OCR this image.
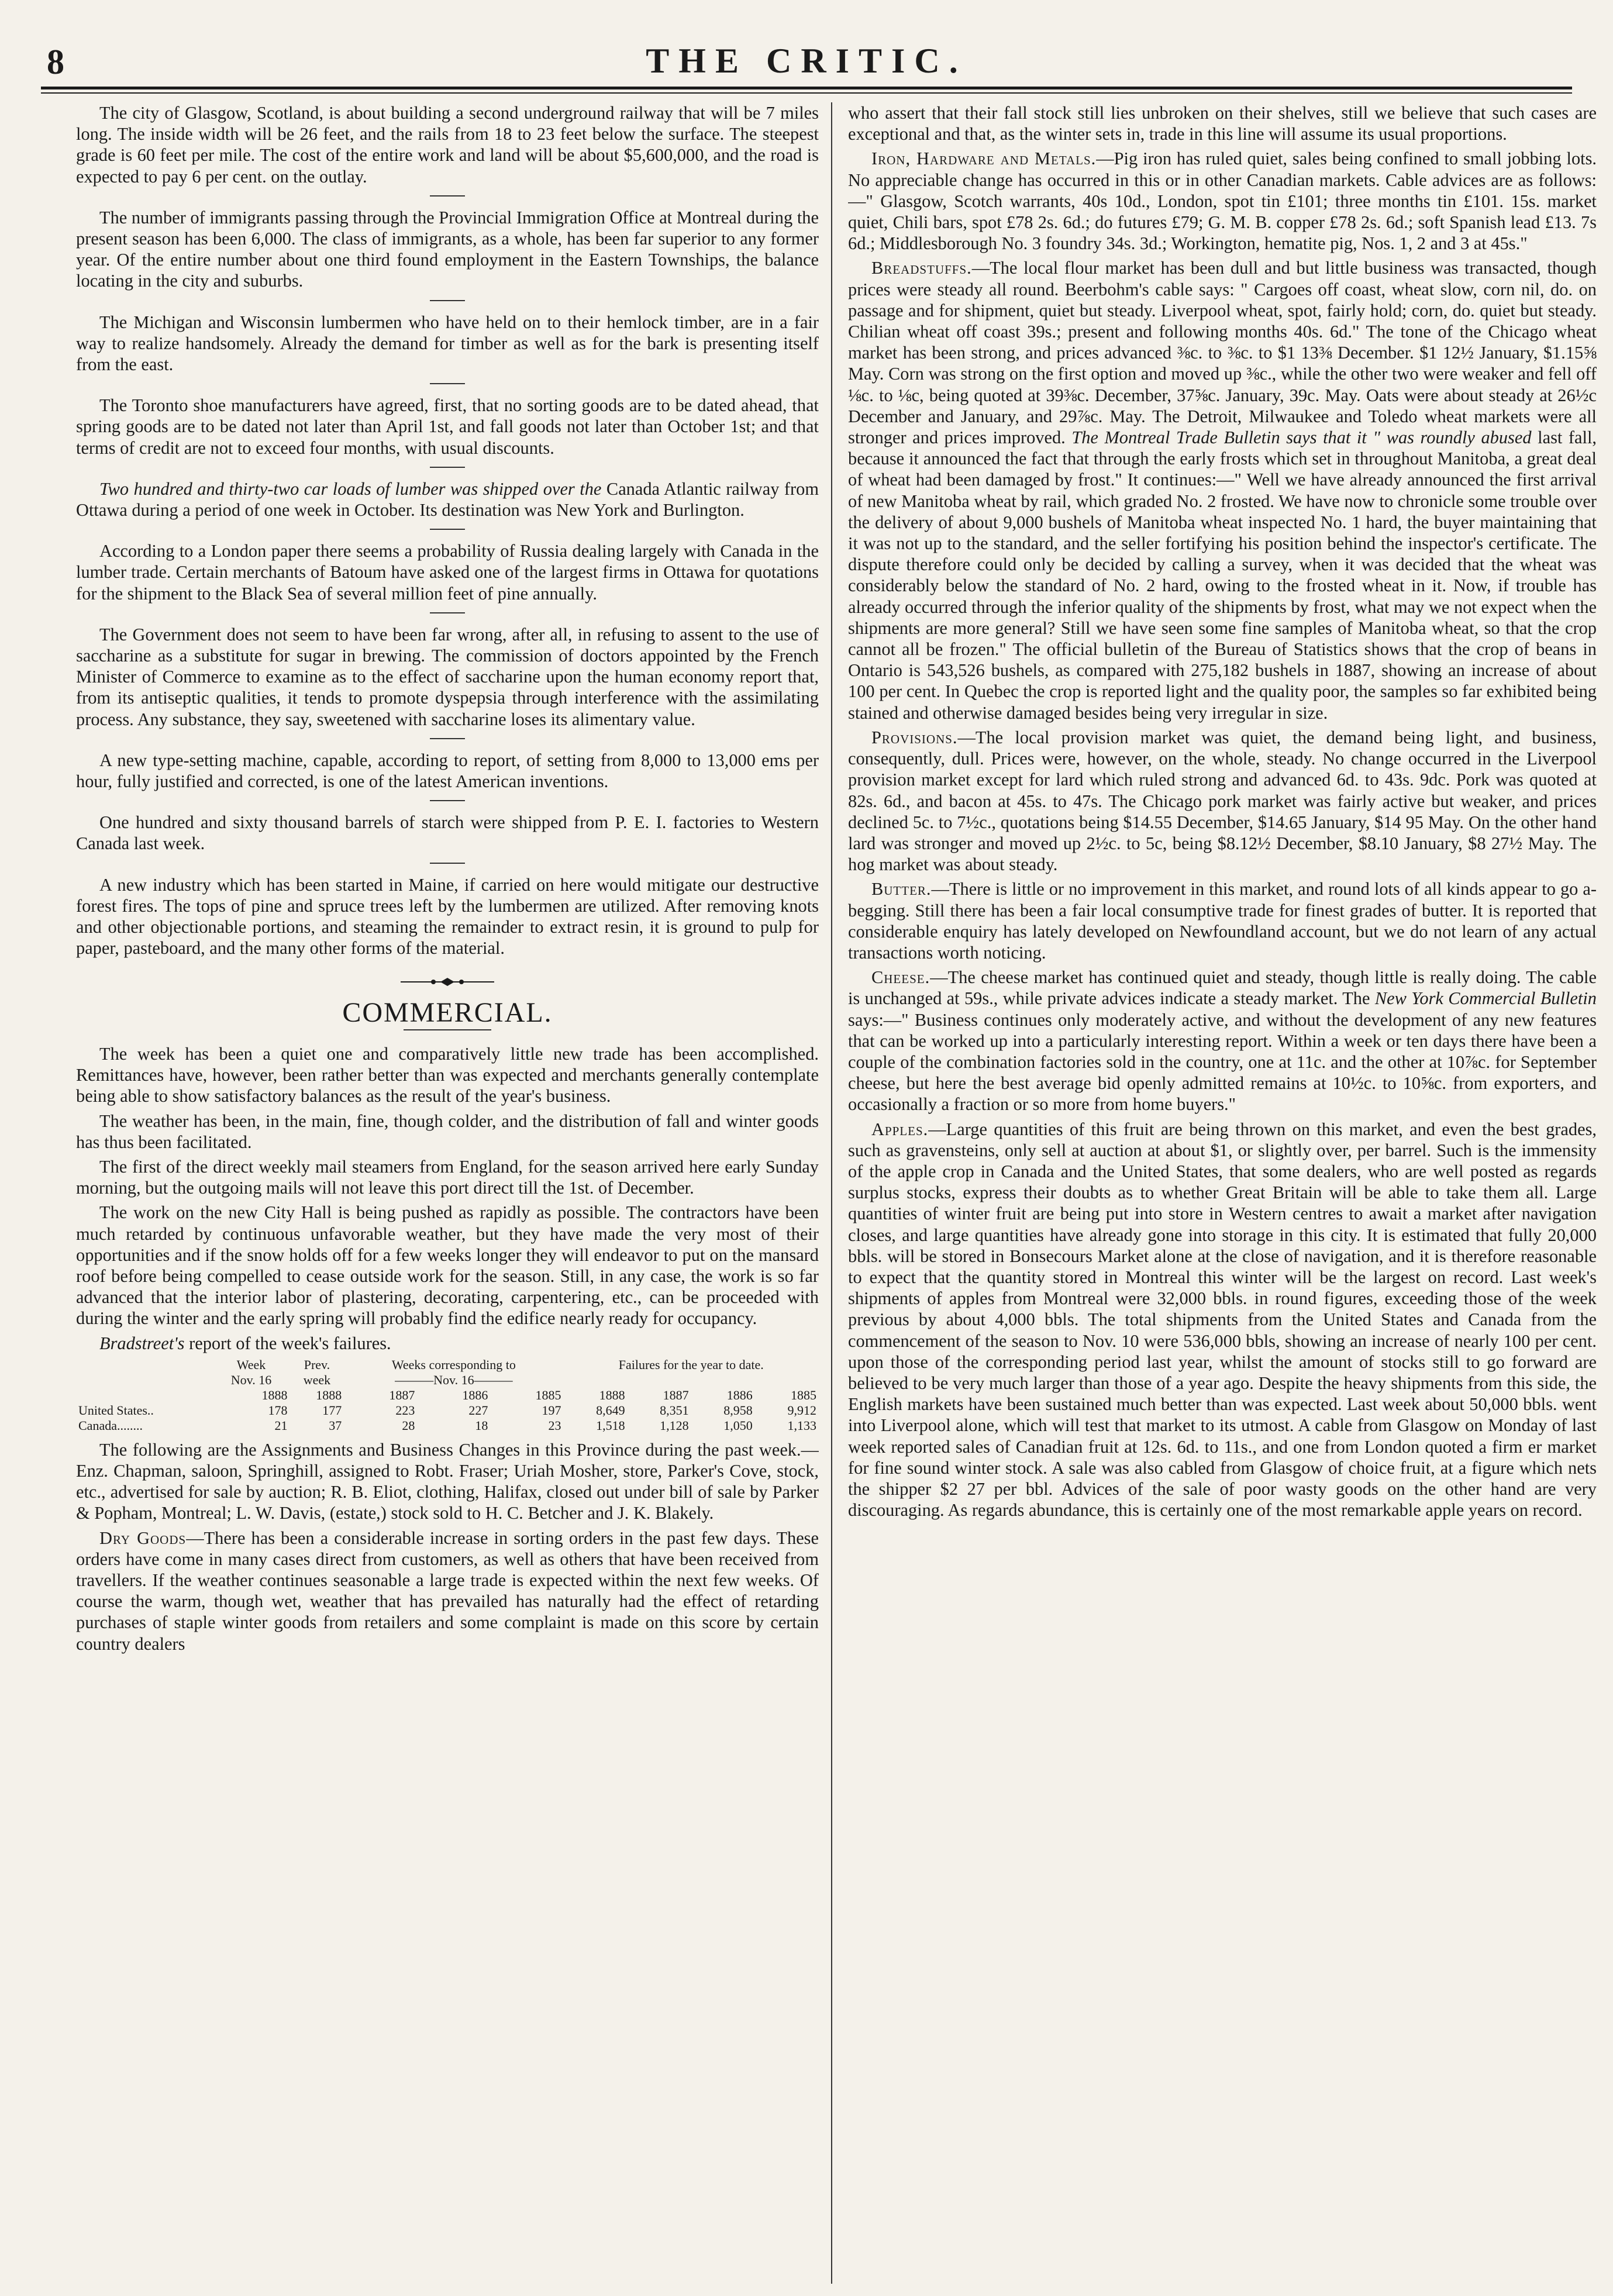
8	THE CRITIC.

The city of Glasgow, Scotland, is about building a second underground railway that will be 7 miles long. The inside width will be 26 feet, and the rails from 18 to 23 feet below the surface. The steepest grade is 60 feet per mile. The cost of the entire work and land will be about $5,600,000, and the road is expected to pay 6 per cent. on the outlay.

The number of immigrants passing through the Provincial Immigration Office at Montreal during the present season has been 6,000. The class of immigrants, as a whole, has been far superior to any former year. Of the entire number about one third found employment in the Eastern Townships, the balance locating in the city and suburbs.

The Michigan and Wisconsin lumbermen who have held on to their hemlock timber, are in a fair way to realize handsomely. Already the demand for timber as well as for the bark is presenting itself from the east.

The Toronto shoe manufacturers have agreed, first, that no sorting goods are to be dated ahead, that spring goods are to be dated not later than April 1st, and fall goods not later than October 1st; and that terms of credit are not to exceed four months, with usual discounts.

Two hundred and thirty-two car loads of lumber was shipped over the Canada Atlantic railway from Ottawa during a period of one week in October. Its destination was New York and Burlington.

According to a London paper there seems a probability of Russia dealing largely with Canada in the lumber trade. Certain merchants of Batoum have asked one of the largest firms in Ottawa for quotations for the shipment to the Black Sea of several million feet of pine annually.

The Government does not seem to have been far wrong, after all, in refusing to assent to the use of saccharine as a substitute for sugar in brewing. The commission of doctors appointed by the French Minister of Commerce to examine as to the effect of saccharine upon the human economy report that, from its antiseptic qualities, it tends to promote dyspepsia through interference with the assimilating process. Any substance, they say, sweetened with saccharine loses its alimentary value.

A new type-setting machine, capable, according to report, of setting from 8,000 to 13,000 ems per hour, fully justified and corrected, is one of the latest American inventions.

One hundred and sixty thousand barrels of starch were shipped from P. E. I. factories to Western Canada last week.

A new industry which has been started in Maine, if carried on here would mitigate our destructive forest fires. The tops of pine and spruce trees left by the lumbermen are utilized. After removing knots and other objectionable portions, and steaming the remainder to extract resin, it is ground to pulp for paper, pasteboard, and the many other forms of the material.

COMMERCIAL.

The week has been a quiet one and comparatively little new trade has been accomplished. Remittances have, however, been rather better than was expected and merchants generally contemplate being able to show satisfactory balances as the result of the year's business.

The weather has been, in the main, fine, though colder, and the distribution of fall and winter goods has thus been facilitated.

The first of the direct weekly mail steamers from England, for the season arrived here early Sunday morning, but the outgoing mails will not leave this port direct till the 1st. of December.

The work on the new City Hall is being pushed as rapidly as possible. The contractors have been much retarded by continuous unfavorable weather, but they have made the very most of their opportunities and if the snow holds off for a few weeks longer they will endeavor to put on the mansard roof before being compelled to cease outside work for the season. Still, in any case, the work is so far advanced that the interior labor of plastering, decorating, carpentering, etc., can be proceeded with during the winter and the early spring will probably find the edifice nearly ready for occupancy.

Bradstreet's report of the week's failures.

	Week	Prev.	Weeks corresponding to			Failures for the year to date.			
	Nov. 16	week	———Nov. 16———						
	1888	1888	1887	1886	1885	1888	1887	1886	1885
United States..	178	177	223	227	197	8,649	8,351	8,958	9,912
Canada........	21	37	28	18	23	1,518	1,128	1,050	1,133

The following are the Assignments and Business Changes in this Province during the past week.—Enz. Chapman, saloon, Springhill, assigned to Robt. Fraser; Uriah Mosher, store, Parker's Cove, stock, etc., advertised for sale by auction; R. B. Eliot, clothing, Halifax, closed out under bill of sale by Parker & Popham, Montreal; L. W. Davis, (estate,) stock sold to H. C. Betcher and J. K. Blakely.

Dry Goods—There has been a considerable increase in sorting orders in the past few days. These orders have come in many cases direct from customers, as well as others that have been received from travellers. If the weather continues seasonable a large trade is expected within the next few weeks. Of course the warm, though wet, weather that has prevailed has naturally had the effect of retarding purchases of staple winter goods from retailers and some complaint is made on this score by certain country dealers

who assert that their fall stock still lies unbroken on their shelves, still we believe that such cases are exceptional and that, as the winter sets in, trade in this line will assume its usual proportions.

Iron, Hardware and Metals.—Pig iron has ruled quiet, sales being confined to small jobbing lots. No appreciable change has occurred in this or in other Canadian markets. Cable advices are as follows:—" Glasgow, Scotch warrants, 40s 10d., London, spot tin £101; three months tin £101. 15s. market quiet, Chili bars, spot £78 2s. 6d.; do futures £79; G. M. B. copper £78 2s. 6d.; soft Spanish lead £13. 7s 6d.; Middlesborough No. 3 foundry 34s. 3d.; Workington, hematite pig, Nos. 1, 2 and 3 at 45s."

Breadstuffs.—The local flour market has been dull and but little business was transacted, though prices were steady all round. Beerbohm's cable says: " Cargoes off coast, wheat slow, corn nil, do. on passage and for shipment, quiet but steady. Liverpool wheat, spot, fairly hold; corn, do. quiet but steady. Chilian wheat off coast 39s.; present and following months 40s. 6d." The tone of the Chicago wheat market has been strong, and prices advanced ⅜c. to ⅜c. to $1 13⅜ December. $1 12½ January, $1.15⅝ May. Corn was strong on the first option and moved up ⅜c., while the other two were weaker and fell off ⅛c. to ⅛c, being quoted at 39⅜c. December, 37⅝c. January, 39c. May. Oats were about steady at 26½c December and January, and 29⅞c. May. The Detroit, Milwaukee and Toledo wheat markets were all stronger and prices improved. The Montreal Trade Bulletin says that it " was roundly abused last fall, because it announced the fact that through the early frosts which set in throughout Manitoba, a great deal of wheat had been damaged by frost." It continues:—" Well we have already announced the first arrival of new Manitoba wheat by rail, which graded No. 2 frosted. We have now to chronicle some trouble over the delivery of about 9,000 bushels of Manitoba wheat inspected No. 1 hard, the buyer maintaining that it was not up to the standard, and the seller fortifying his position behind the inspector's certificate. The dispute therefore could only be decided by calling a survey, when it was decided that the wheat was considerably below the standard of No. 2 hard, owing to the frosted wheat in it. Now, if trouble has already occurred through the inferior quality of the shipments by frost, what may we not expect when the shipments are more general? Still we have seen some fine samples of Manitoba wheat, so that the crop cannot all be frozen." The official bulletin of the Bureau of Statistics shows that the crop of beans in Ontario is 543,526 bushels, as compared with 275,182 bushels in 1887, showing an increase of about 100 per cent. In Quebec the crop is reported light and the quality poor, the samples so far exhibited being stained and otherwise damaged besides being very irregular in size.

Provisions.—The local provision market was quiet, the demand being light, and business, consequently, dull. Prices were, however, on the whole, steady. No change occurred in the Liverpool provision market except for lard which ruled strong and advanced 6d. to 43s. 9dc. Pork was quoted at 82s. 6d., and bacon at 45s. to 47s. The Chicago pork market was fairly active but weaker, and prices declined 5c. to 7½c., quotations being $14.55 December, $14.65 January, $14 95 May. On the other hand lard was stronger and moved up 2½c. to 5c, being $8.12½ December, $8.10 January, $8 27½ May. The hog market was about steady.

Butter.—There is little or no improvement in this market, and round lots of all kinds appear to go a-begging. Still there has been a fair local consumptive trade for finest grades of butter. It is reported that considerable enquiry has lately developed on Newfoundland account, but we do not learn of any actual transactions worth noticing.

Cheese.—The cheese market has continued quiet and steady, though little is really doing. The cable is unchanged at 59s., while private advices indicate a steady market. The New York Commercial Bulletin says:—" Business continues only moderately active, and without the development of any new features that can be worked up into a particularly interesting report. Within a week or ten days there have been a couple of the combination factories sold in the country, one at 11c. and the other at 10⅞c. for September cheese, but here the best average bid openly admitted remains at 10½c. to 10⅝c. from exporters, and occasionally a fraction or so more from home buyers."

Apples.—Large quantities of this fruit are being thrown on this market, and even the best grades, such as gravensteins, only sell at auction at about $1, or slightly over, per barrel. Such is the immensity of the apple crop in Canada and the United States, that some dealers, who are well posted as regards surplus stocks, express their doubts as to whether Great Britain will be able to take them all. Large quantities of winter fruit are being put into store in Western centres to await a market after navigation closes, and large quantities have already gone into storage in this city. It is estimated that fully 20,000 bbls. will be stored in Bonsecours Market alone at the close of navigation, and it is therefore reasonable to expect that the quantity stored in Montreal this winter will be the largest on record. Last week's shipments of apples from Montreal were 32,000 bbls. in round figures, exceeding those of the week previous by about 4,000 bbls. The total shipments from the United States and Canada from the commencement of the season to Nov. 10 were 536,000 bbls, showing an increase of nearly 100 per cent. upon those of the corresponding period last year, whilst the amount of stocks still to go forward are believed to be very much larger than those of a year ago. Despite the heavy shipments from this side, the English markets have been sustained much better than was expected. Last week about 50,000 bbls. went into Liverpool alone, which will test that market to its utmost. A cable from Glasgow on Monday of last week reported sales of Canadian fruit at 12s. 6d. to 11s., and one from London quoted a firm er market for fine sound winter stock. A sale was also cabled from Glasgow of choice fruit, at a figure which nets the shipper $2 27 per bbl. Advices of the sale of poor wasty goods on the other hand are very discouraging. As regards abundance, this is certainly one of the most remarkable apple years on record.
